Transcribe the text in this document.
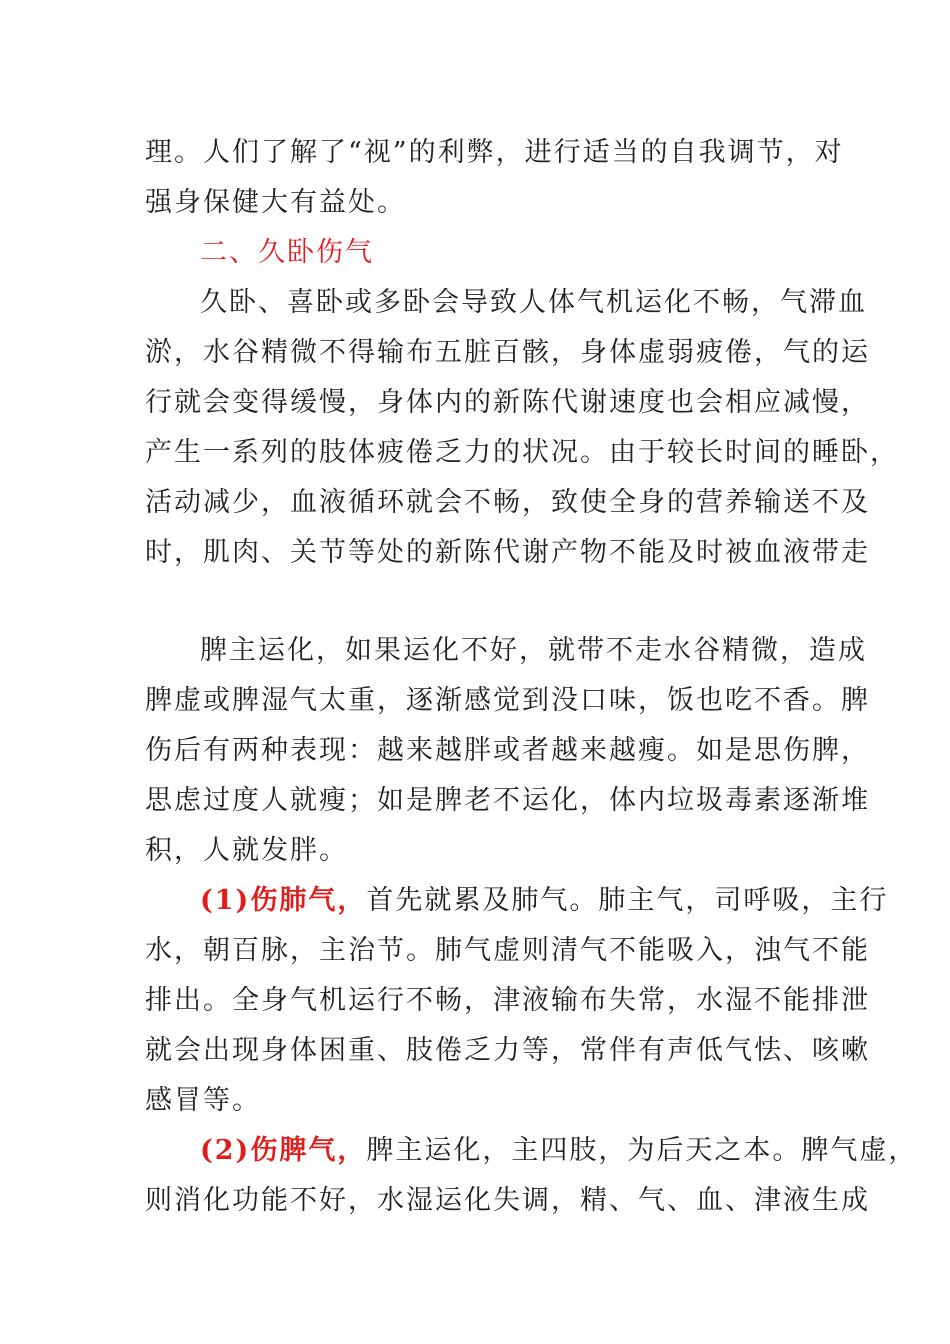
理。人们了解了“视”的利弊，进行适当的自我调节，对
强身保健大有益处。
二、久卧伤气
久卧、喜卧或多卧会导致人体气机运化不畅，气滞血
淤，水谷精微不得输布五脏百骸，身体虚弱疲倦，气的运
行就会变得缓慢，身体内的新陈代谢速度也会相应减慢，
产生一系列的肢体疲倦乏力的状况。由于较长时间的睡卧，
活动减少，血液循环就会不畅，致使全身的营养输送不及
时，肌肉、关节等处的新陈代谢产物不能及时被血液带走
脾主运化，如果运化不好，就带不走水谷精微，造成
脾虚或脾湿气太重，逐渐感觉到没口味，饭也吃不香。脾
伤后有两种表现：越来越胖或者越来越瘦。如是思伤脾，
思虑过度人就瘦；如是脾老不运化，体内垃圾毒素逐渐堆
积，人就发胖。
(1)伤肺气，首先就累及肺气。肺主气，司呼吸，主行
水，朝百脉，主治节。肺气虚则清气不能吸入，浊气不能
排出。全身气机运行不畅，津液输布失常，水湿不能排泄
就会出现身体困重、肢倦乏力等，常伴有声低气怯、咳嗽
感冒等。
(2)伤脾气，脾主运化，主四肢，为后天之本。脾气虚，
则消化功能不好，水湿运化失调，精、气、血、津液生成
